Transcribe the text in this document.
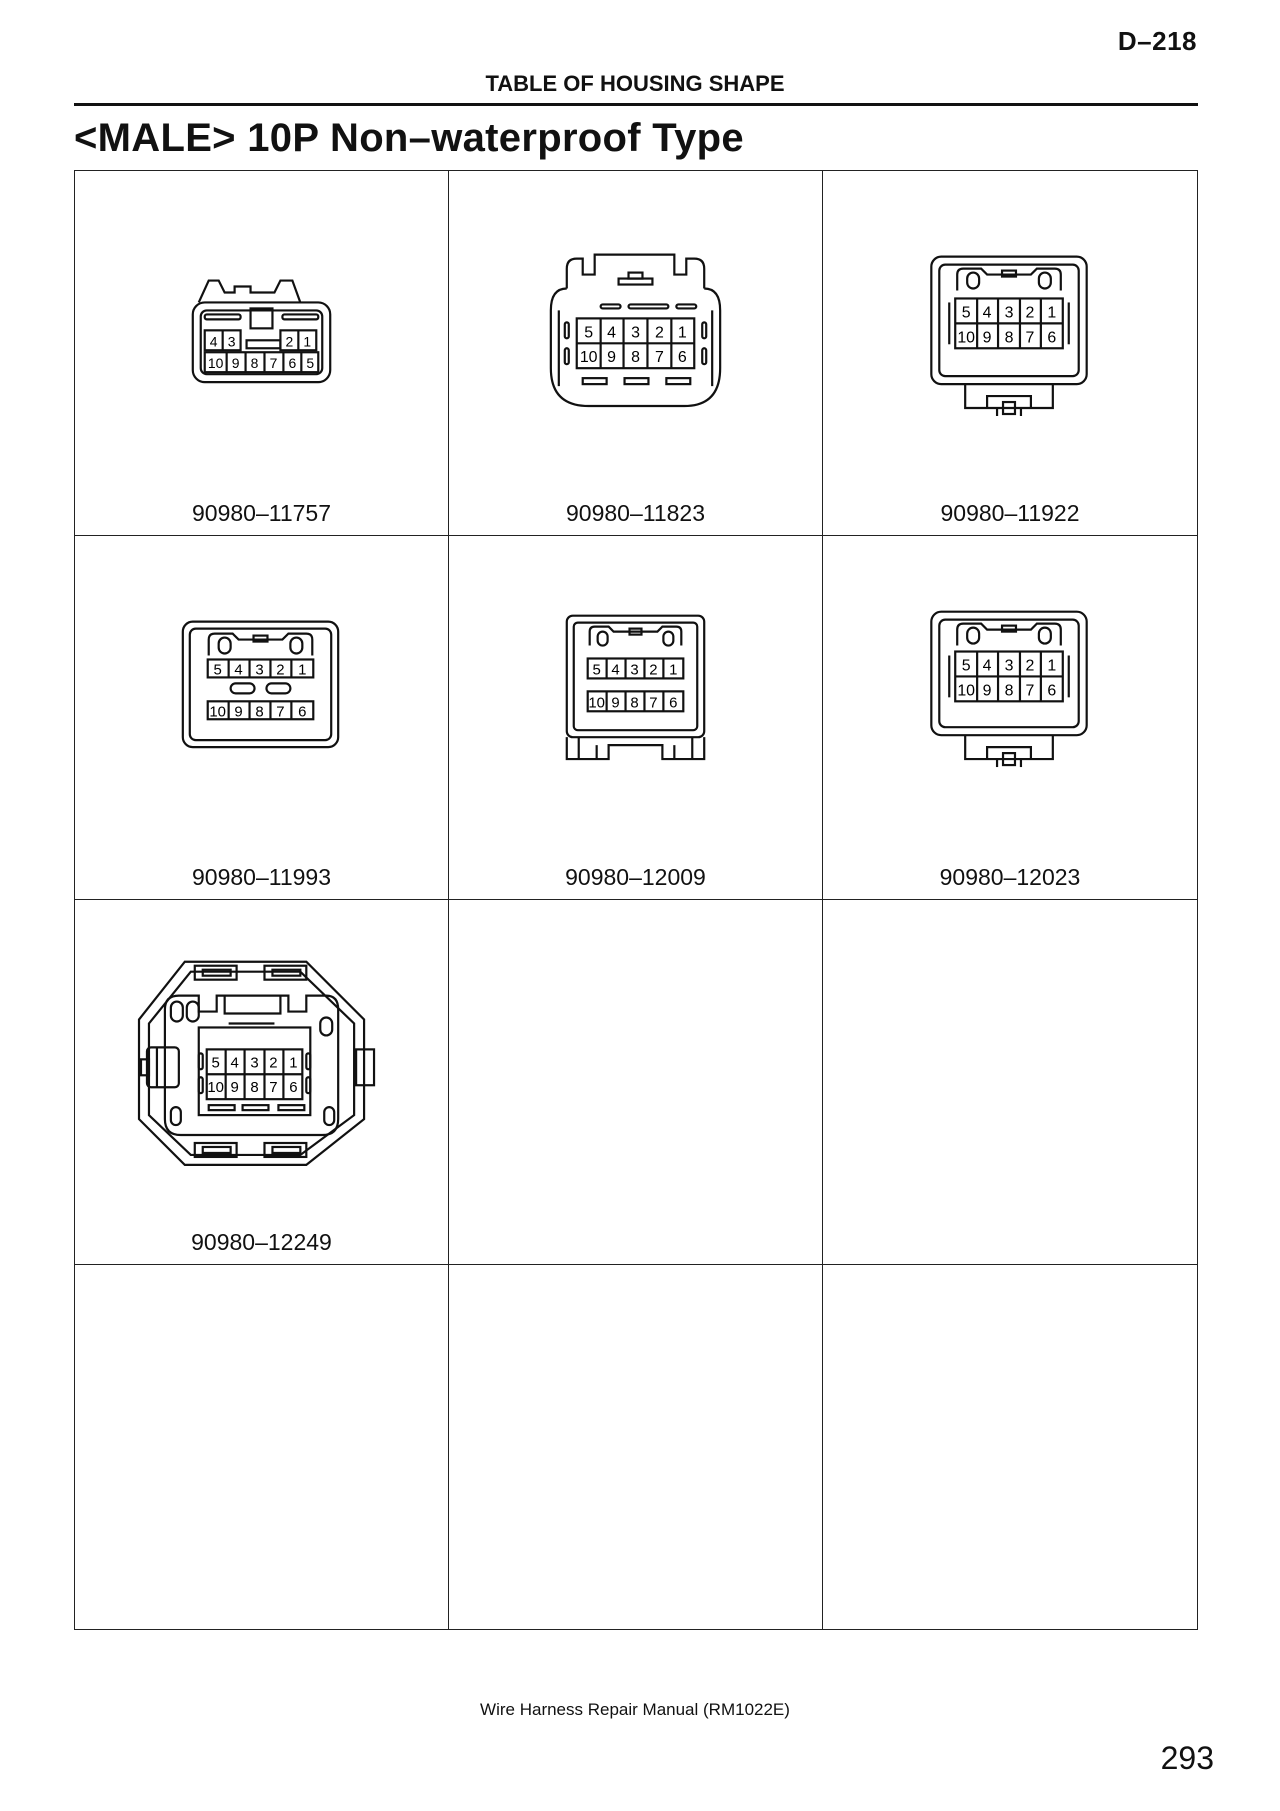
D–218
TABLE OF HOUSING SHAPE
<MALE> 10P Non–waterproof Type
4 3	2 1
10 9 8 7 6 5
90980–11757
5 4 3 2 1
10 9 8 7 6
90980–11823
5 4 3 2 1
10 9 8 7 6
90980–11922
5 4 3 2 1
10 9 8 7 6
90980–11993
5 4 3 2 1
10 9 8 7 6
90980–12009
5 4 3 2 1
10 9 8 7 6
90980–12023
5 4 3 2 1
10 9 8 7 6
90980–12249
Wire Harness Repair Manual (RM1022E)
293
